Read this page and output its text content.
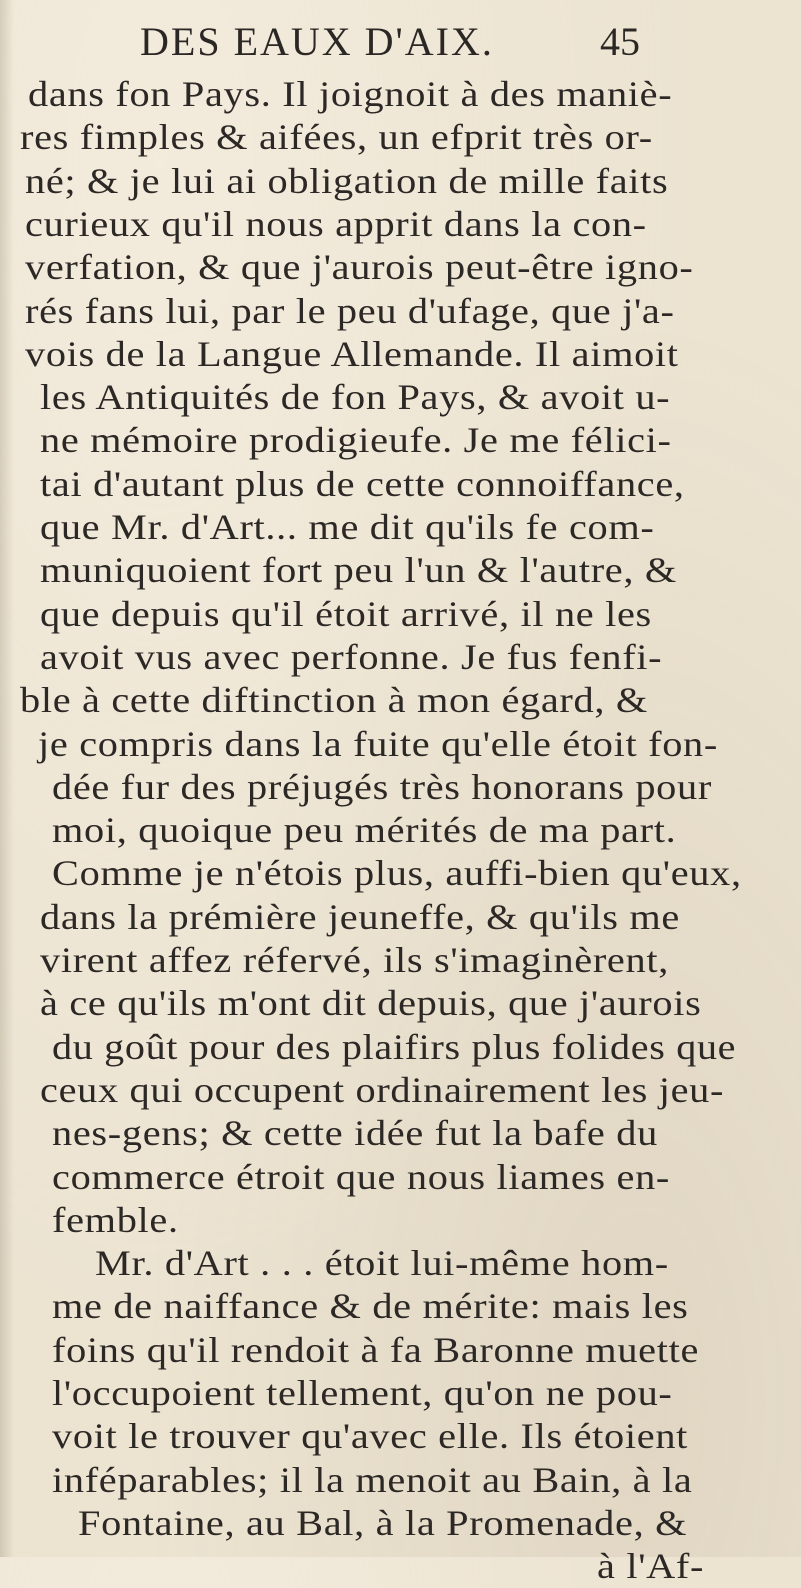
DES EAUX D'AIX.	45
dans fon Pays. Il joignoit à des maniè-
res fimples & aifées, un efprit très or-
né; & je lui ai obligation de mille faits
curieux qu'il nous apprit dans la con-
verfation, & que j'aurois peut-être igno-
rés fans lui, par le peu d'ufage, que j'a-
vois de la Langue Allemande. Il aimoit
les Antiquités de fon Pays, & avoit u-
ne mémoire prodigieufe. Je me félici-
tai d'autant plus de cette connoiffance,
que Mr. d'Art... me dit qu'ils fe com-
muniquoient fort peu l'un & l'autre, &
que depuis qu'il étoit arrivé, il ne les
avoit vus avec perfonne. Je fus fenfi-
ble à cette diftinction à mon égard, &
je compris dans la fuite qu'elle étoit fon-
dée fur des préjugés très honorans pour
moi, quoique peu mérités de ma part.
Comme je n'étois plus, auffi-bien qu'eux,
dans la prémière jeuneffe, & qu'ils me
virent affez réfervé, ils s'imaginèrent,
à ce qu'ils m'ont dit depuis, que j'aurois
du goût pour des plaifirs plus folides que
ceux qui occupent ordinairement les jeu-
nes-gens; & cette idée fut la bafe du
commerce étroit que nous liames en-
femble.
Mr. d'Art . . . étoit lui-même hom-
me de naiffance & de mérite: mais les
foins qu'il rendoit à fa Baronne muette
l'occupoient tellement, qu'on ne pou-
voit le trouver qu'avec elle. Ils étoient
inféparables; il la menoit au Bain, à la
Fontaine, au Bal, à la Promenade, &
à l'Af-
